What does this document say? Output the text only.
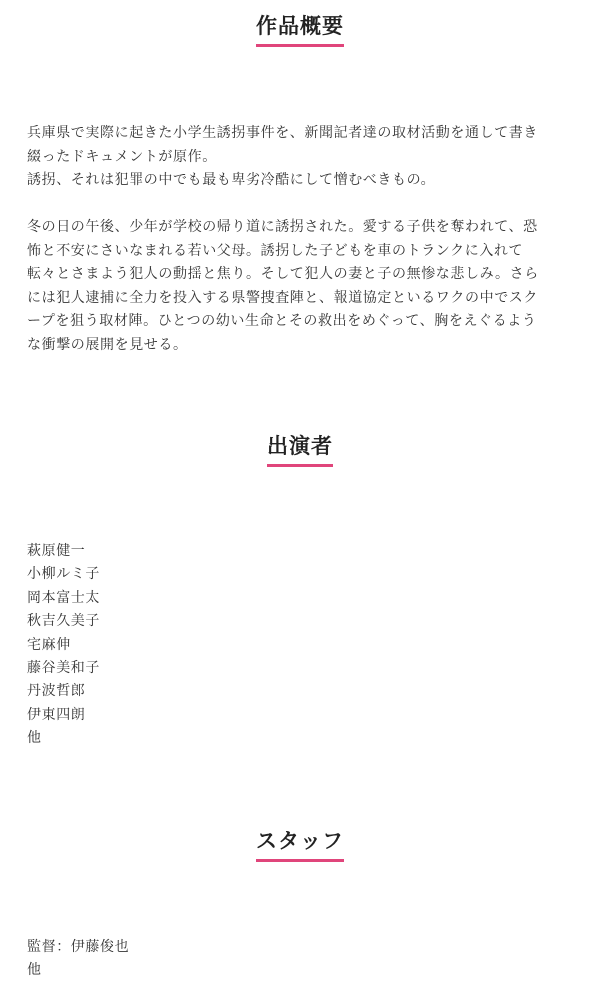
作品概要

兵庫県で実際に起きた小学生誘拐事件を、新聞記者達の取材活動を通して書き
綴ったドキュメントが原作。
誘拐、それは犯罪の中でも最も卑劣冷酷にして憎むべきもの。

冬の日の午後、少年が学校の帰り道に誘拐された。愛する子供を奪われて、恐
怖と不安にさいなまれる若い父母。誘拐した子どもを車のトランクに入れて
転々とさまよう犯人の動揺と焦り。そして犯人の妻と子の無惨な悲しみ。さら
には犯人逮捕に全力を投入する県警捜査陣と、報道協定といるワクの中でスク
ープを狙う取材陣。ひとつの幼い生命とその救出をめぐって、胸をえぐるよう
な衝撃の展開を見せる。

出演者
萩原健一
小柳ルミ子
岡本富士太
秋吉久美子
宅麻伸
藤谷美和子
丹波哲郎
伊東四朗
他
スタッフ
監督：伊藤俊也
他
